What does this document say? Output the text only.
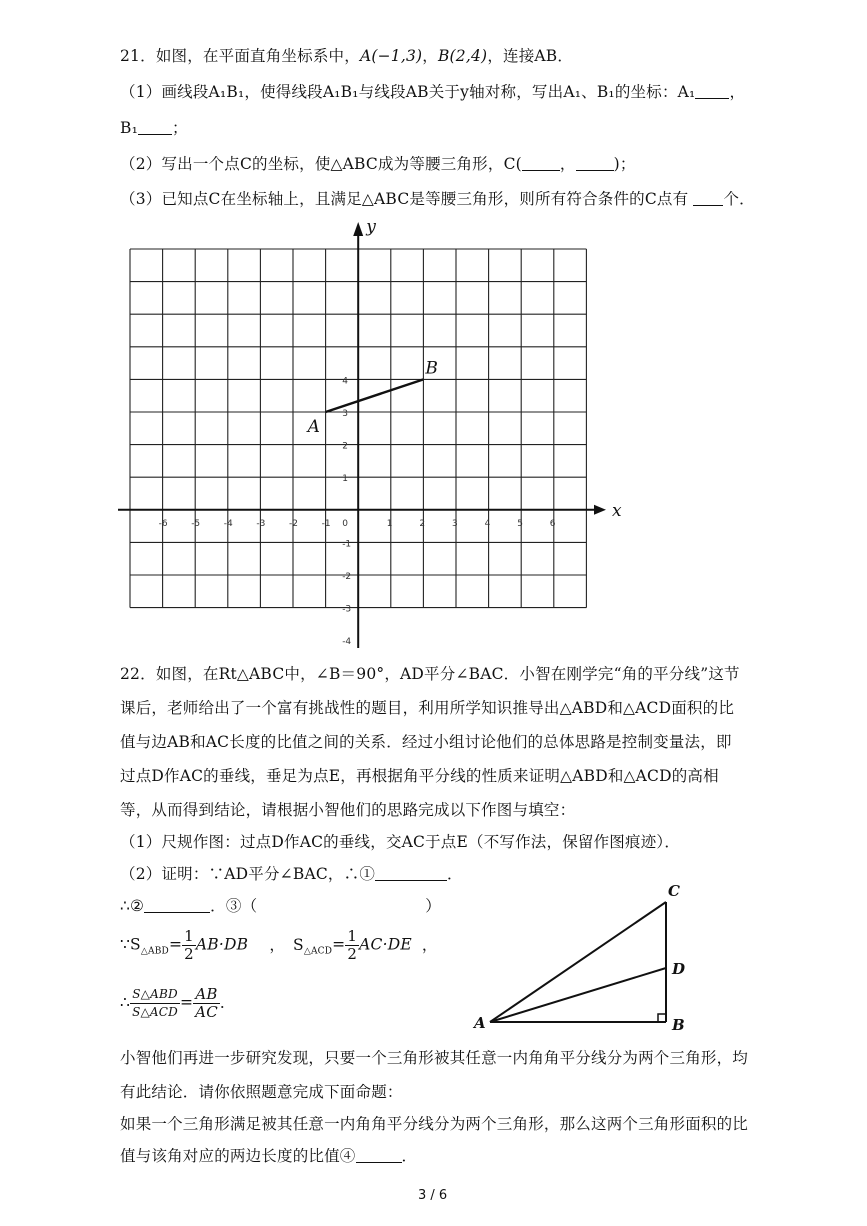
21．如图，在平面直角坐标系中，A(−1,3)，B(2,4)，连接AB．
（1）画线段A₁B₁，使得线段A₁B₁与线段AB关于y轴对称，写出A₁、B₁的坐标：A₁ ，
B₁ ；
（2）写出一个点C的坐标，使△ABC成为等腰三角形，C( ， )；
（3）已知点C在坐标轴上，且满足△ABC是等腰三角形，则所有符合条件的C点有 个．
x
y
-6	-5	-4	-3	-2	-1	1	2	3	4	5	6
4
3
2
1
-1
-2
-3
-4
0
A
B
22．如图，在Rt△ABC中，∠B＝90°，AD平分∠BAC．小智在刚学完“角的平分线”这节
课后，老师给出了一个富有挑战性的题目，利用所学知识推导出△ABD和△ACD面积的比
值与边AB和AC长度的比值之间的关系．经过小组讨论他们的总体思路是控制变量法，即
过点D作AC的垂线，垂足为点E，再根据角平分线的性质来证明△ABD和△ACD的高相
等，从而得到结论，请根据小智他们的思路完成以下作图与填空：
（1）尺规作图：过点D作AC的垂线，交AC于点E（不写作法，保留作图痕迹）．
（2）证明：∵AD平分∠BAC，∴①	．
∴②	．③（	）
$\because S_{\triangle ABD}= \frac{1}{2} AB\cdot DB$ ，　$S_{\triangle ACD}= \frac{1}{2} AC\cdot DE$ ，
∴ $\frac{\text{S△ABD}}{\text{S△ACD}} = \frac{AB}{AC}$ ．
A	B
C
D
小智他们再进一步研究发现，只要一个三角形被其任意一内角角平分线分为两个三角形，均
有此结论．请你依照题意完成下面命题：
如果一个三角形满足被其任意一内角角平分线分为两个三角形，那么这两个三角形面积的比
值与该角对应的两边长度的比值④	．
3 / 6
